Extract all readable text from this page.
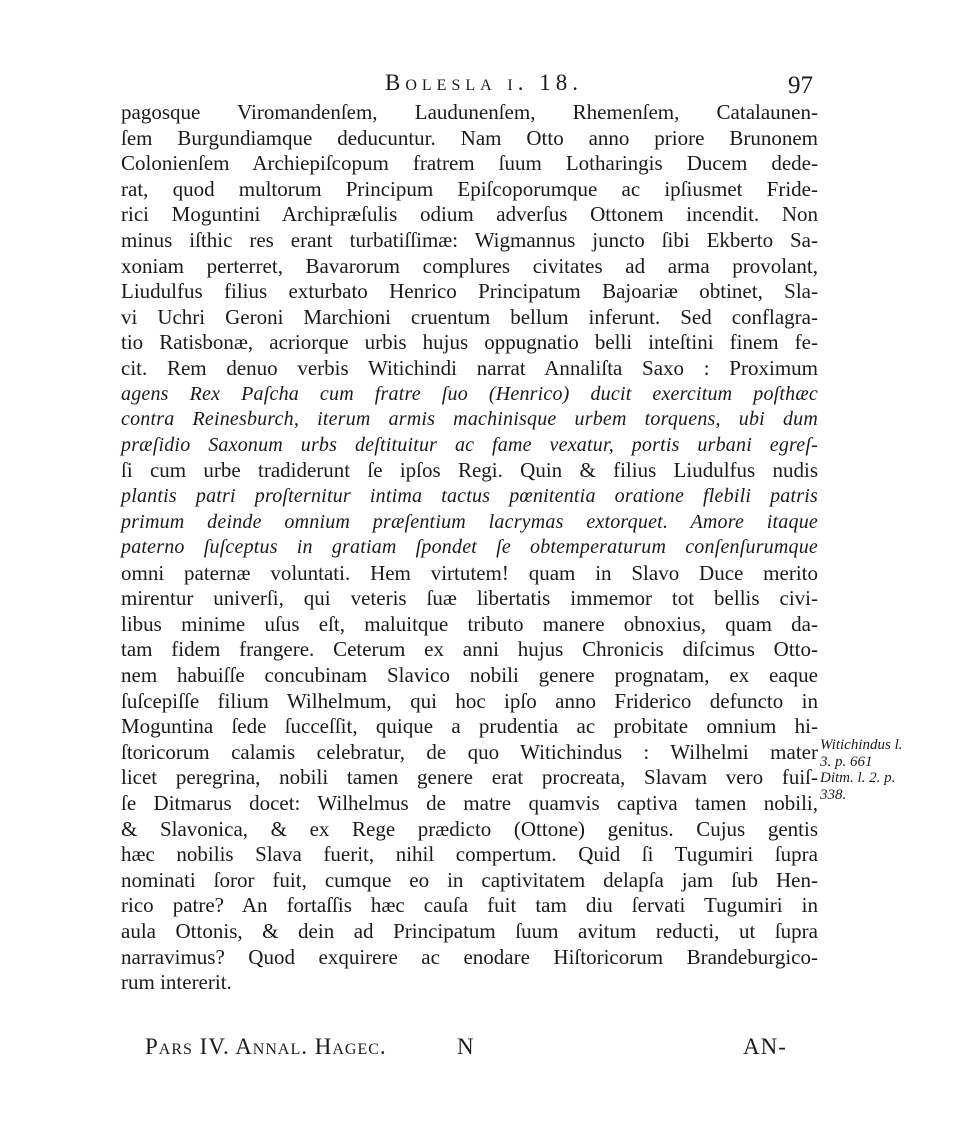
Bolesla i. 18.	97
pagosque Viromandenſem, Laudunenſem, Rhemenſem, Catalaunen-
ſem Burgundiamque deducuntur. Nam Otto anno priore Brunonem
Colonienſem Archiepiſcopum fratrem ſuum Lotharingis Ducem dede-
rat, quod multorum Principum Epiſcoporumque ac ipſiusmet Fride-
rici Moguntini Archipræſulis odium adverſus Ottonem incendit. Non
minus iſthic res erant turbatiſſimæ: Wigmannus juncto ſibi Ekberto Sa-
xoniam perterret, Bavarorum complures civitates ad arma provolant,
Liudulfus filius exturbato Henrico Principatum Bajoariæ obtinet, Sla-
vi Uchri Geroni Marchioni cruentum bellum inferunt. Sed conflagra-
tio Ratisbonæ, acriorque urbis hujus oppugnatio belli inteſtini finem fe-
cit. Rem denuo verbis Witichindi narrat Annaliſta Saxo : Proximum
agens Rex Paſcha cum fratre ſuo (Henrico) ducit exercitum poſthæc
contra Reinesburch, iterum armis machinisque urbem torquens, ubi dum
præſidio Saxonum urbs deſtituitur ac fame vexatur, portis urbani egreſ-
ſi cum urbe tradiderunt ſe ipſos Regi. Quin & filius Liudulfus nudis
plantis patri proſternitur intima tactus pœnitentia oratione flebili patris
primum deinde omnium præſentium lacrymas extorquet. Amore itaque
paterno ſuſceptus in gratiam ſpondet ſe obtemperaturum conſenſurumque
omni paternæ voluntati. Hem virtutem! quam in Slavo Duce merito
mirentur univerſi, qui veteris ſuæ libertatis immemor tot bellis civi-
libus minime uſus eſt, maluitque tributo manere obnoxius, quam da-
tam fidem frangere. Ceterum ex anni hujus Chronicis diſcimus Otto-
nem habuiſſe concubinam Slavico nobili genere prognatam, ex eaque
ſuſcepiſſe filium Wilhelmum, qui hoc ipſo anno Friderico defuncto in
Moguntina ſede ſucceſſit, quique a prudentia ac probitate omnium hi-
ſtoricorum calamis celebratur, de quo Witichindus : Wilhelmi mater
licet peregrina, nobili tamen genere erat procreata, Slavam vero fuiſ-
ſe Ditmarus docet: Wilhelmus de matre quamvis captiva tamen nobili,
& Slavonica, & ex Rege prædicto (Ottone) genitus. Cujus gentis
hæc nobilis Slava fuerit, nihil compertum. Quid ſi Tugumiri ſupra
nominati ſoror fuit, cumque eo in captivitatem delapſa jam ſub Hen-
rico patre? An fortaſſis hæc cauſa fuit tam diu ſervati Tugumiri in
aula Ottonis, & dein ad Principatum ſuum avitum reducti, ut ſupra
narravimus? Quod exquirere ac enodare Hiſtoricorum Brandeburgico-
rum intererit.
Witichindus l.
3. p. 661
Ditm. l. 2. p.
338.
Pars IV. Annal. Hagec.	N	AN-
